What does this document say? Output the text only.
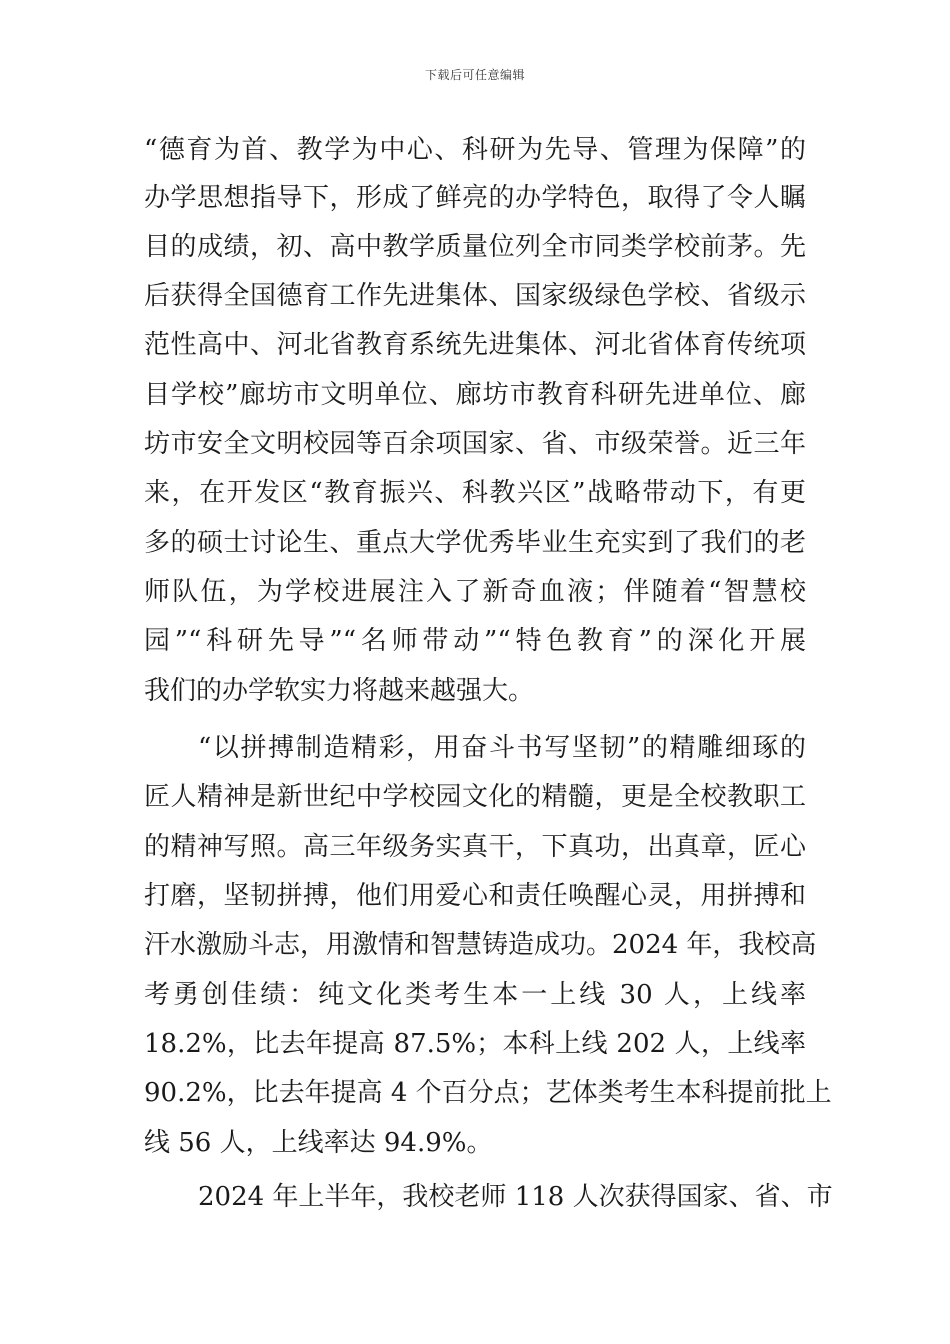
下载后可任意编辑
“德育为首、教学为中心、科研为先导、管理为保障”的
办学思想指导下，形成了鲜亮的办学特色，取得了令人瞩
目的成绩，初、高中教学质量位列全市同类学校前茅。先
后获得全国德育工作先进集体、国家级绿色学校、省级示
范性高中、河北省教育系统先进集体、河北省体育传统项
目学校”廊坊市文明单位、廊坊市教育科研先进单位、廊
坊市安全文明校园等百余项国家、省、市级荣誉。近三年
来，在开发区“教育振兴、科教兴区”战略带动下，有更
多的硕士讨论生、重点大学优秀毕业生充实到了我们的老
师队伍，为学校进展注入了新奇血液；伴随着“智慧校
园”“科研先导”“名师带动”“特色教育”的深化开展
我们的办学软实力将越来越强大。
“以拼搏制造精彩，用奋斗书写坚韧”的精雕细琢的
匠人精神是新世纪中学校园文化的精髓，更是全校教职工
的精神写照。高三年级务实真干，下真功，出真章，匠心
打磨，坚韧拼搏，他们用爱心和责任唤醒心灵，用拼搏和
汗水激励斗志，用激情和智慧铸造成功。2024 年，我校高
考勇创佳绩：纯文化类考生本一上线 30 人，上线率
18.2%，比去年提高 87.5%；本科上线 202 人，上线率
90.2%，比去年提高 4 个百分点；艺体类考生本科提前批上
线 56 人，上线率达 94.9%。
2024 年上半年，我校老师 118 人次获得国家、省、市
